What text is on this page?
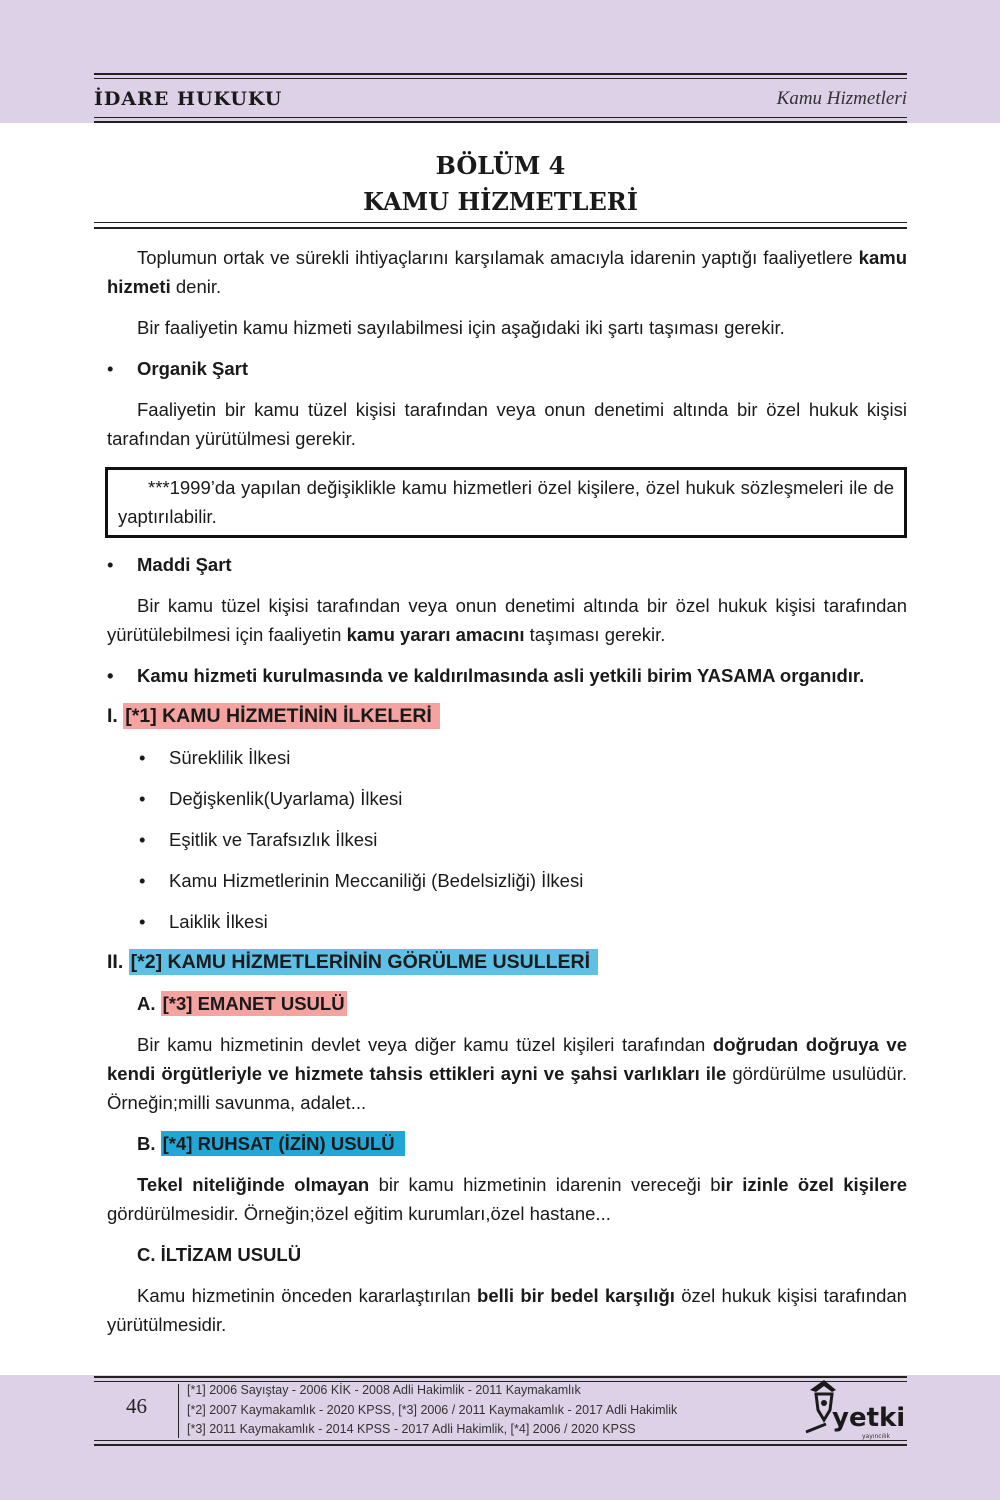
İDARE HUKUKU	Kamu Hizmetleri
BÖLÜM 4
KAMU HİZMETLERİ

Toplumun ortak ve sürekli ihtiyaçlarını karşılamak amacıyla idarenin yaptığı faaliyetlere kamu hizmeti denir.

Bir faaliyetin kamu hizmeti sayılabilmesi için aşağıdaki iki şartı taşıması gerekir.

• Organik Şart

Faaliyetin bir kamu tüzel kişisi tarafından veya onun denetimi altında bir özel hukuk kişisi tarafından yürütülmesi gerekir.

***1999’da yapılan değişiklikle kamu hizmetleri özel kişilere, özel hukuk sözleşmeleri ile de yaptırılabilir.

• Maddi Şart

Bir kamu tüzel kişisi tarafından veya onun denetimi altında bir özel hukuk kişisi tarafından yürütülebilmesi için faaliyetin kamu yararı amacını taşıması gerekir.

• Kamu hizmeti kurulmasında ve kaldırılmasında asli yetkili birim YASAMA organıdır.

I. [*1] KAMU HİZMETİNİN İLKELERİ

• Süreklilik İlkesi

• Değişkenlik(Uyarlama) İlkesi

• Eşitlik ve Tarafsızlık İlkesi

• Kamu Hizmetlerinin Meccaniliği (Bedelsizliği) İlkesi

• Laiklik İlkesi

II. [*2] KAMU HİZMETLERİNİN GÖRÜLME USULLERİ

A. [*3] EMANET USULÜ

Bir kamu hizmetinin devlet veya diğer kamu tüzel kişileri tarafından doğrudan doğruya ve kendi örgütleriyle ve hizmete tahsis ettikleri ayni ve şahsi varlıkları ile gördürülme usulüdür. Örneğin;milli savunma, adalet...

B. [*4] RUHSAT (İZİN) USULÜ

Tekel niteliğinde olmayan bir kamu hizmetinin idarenin vereceği bir izinle özel kişilere gördürülmesidir. Örneğin;özel eğitim kurumları,özel hastane...

C. İLTİZAM USULÜ

Kamu hizmetinin önceden kararlaştırılan belli bir bedel karşılığı özel hukuk kişisi tarafından yürütülmesidir.

46
[*1] 2006 Sayıştay - 2006 KİK - 2008 Adli Hakimlik - 2011 Kaymakamlık
[*2] 2007 Kaymakamlık - 2020 KPSS, [*3] 2006 / 2011 Kaymakamlık - 2017 Adli Hakimlik
[*3] 2011 Kaymakamlık - 2014 KPSS - 2017 Adli Hakimlik, [*4] 2006 / 2020 KPSS	yetki
yayıncılık
